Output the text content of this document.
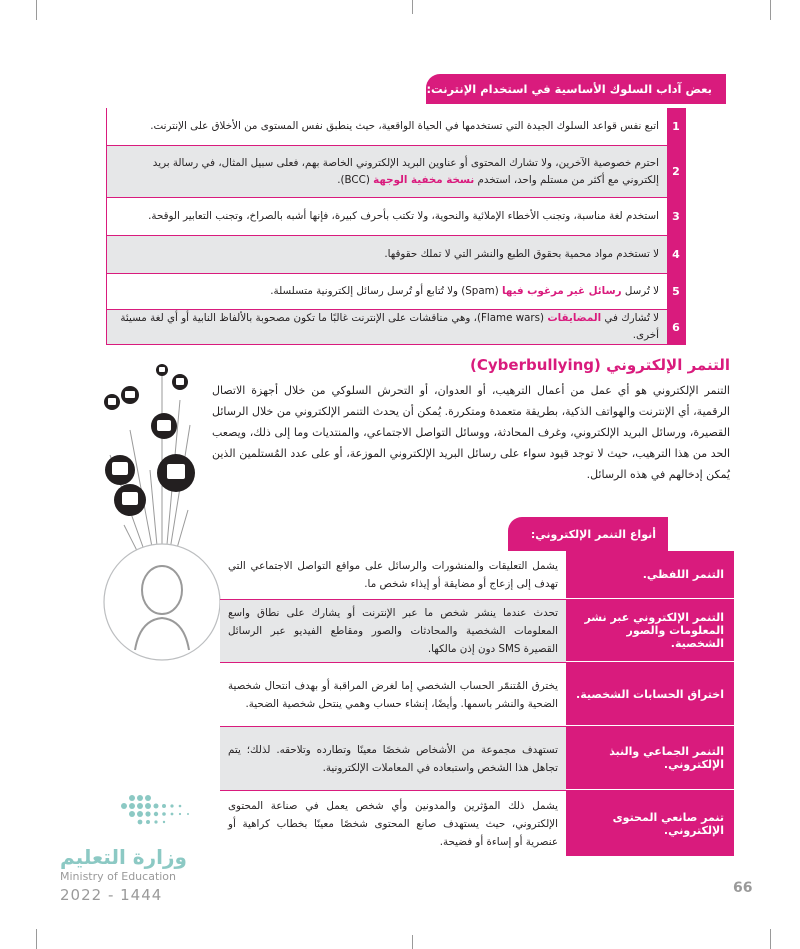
بعض آداب السلوك الأساسية في استخدام الإنترنت:
1
اتبع نفس قواعد السلوك الجيدة التي تستخدمها في الحياة الواقعية، حيث ينطبق نفس المستوى من الأخلاق على الإنترنت.
2
احترم خصوصية الآخرين، ولا تشارك المحتوى أو عناوين البريد الإلكتروني الخاصة بهم، فعلى سبيل المثال، في رسالة بريد إلكتروني مع أكثر من مستلم واحد، استخدم نسخة مخفية الوجهة (BCC).
3
استخدم لغة مناسبة، وتجنب الأخطاء الإملائية والنحوية، ولا تكتب بأحرف كبيرة، فإنها أشبه بالصراخ، وتجنب التعابير الوقحة.
4
لا تستخدم مواد محمية بحقوق الطبع والنشر التي لا تملك حقوقها.
5
لا تُرسل رسائل غير مرغوب فيها (Spam) ولا تُتابع أو تُرسل رسائل إلكترونية متسلسلة.
6
لا تُشارك في المضايقات (Flame wars)، وهي مناقشات على الإنترنت غالبًا ما تكون مصحوبة بالألفاظ النابية أو أي لغة مسيئة أخرى.
التنمر الإلكتروني (Cyberbullying)
التنمر الإلكتروني هو أي عمل من أعمال الترهيب، أو العدوان، أو التحرش السلوكي من خلال أجهزة الاتصال الرقمية، أي الإنترنت والهواتف الذكية، بطريقة متعمدة ومتكررة. يُمكن أن يحدث التنمر الإلكتروني من خلال الرسائل القصيرة، ورسائل البريد الإلكتروني، وغرف المحادثة، ووسائل التواصل الاجتماعي، والمنتديات وما إلى ذلك، ويصعب الحد من هذا الترهيب، حيث لا توجد قيود سواء على رسائل البريد الإلكتروني الموزعة، أو على عدد المُستلمين الذين يُمكن إدخالهم في هذه الرسائل.
أنواع التنمر الإلكتروني:
التنمر اللفظي.
يشمل التعليقات والمنشورات والرسائل على مواقع التواصل الاجتماعي التي تهدف إلى إزعاج أو مضايقة أو إيذاء شخص ما.
التنمر الإلكتروني عبر نشر المعلومات والصور الشخصية.
تحدث عندما ينشر شخص ما عبر الإنترنت أو يشارك على نطاق واسع المعلومات الشخصية والمحادثات والصور ومقاطع الفيديو عبر الرسائل القصيرة SMS دون إذن مالكها.
اختراق الحسابات الشخصية.
يخترق المُتنمّر الحساب الشخصي إما لغرض المراقبة أو بهدف انتحال شخصية الضحية والنشر باسمها. وأيضًا، إنشاء حساب وهمي ينتحل شخصية الضحية.
التنمر الجماعي والنبذ الإلكتروني.
تستهدف مجموعة من الأشخاص شخصًا معينًا وتطارده وتلاحقه. لذلك؛ يتم تجاهل هذا الشخص واستبعاده في المعاملات الإلكترونية.
تنمر صانعي المحتوى الإلكتروني.
يشمل ذلك المؤثرين والمدونين وأي شخص يعمل في صناعة المحتوى الإلكتروني، حيث يستهدف صانع المحتوى شخصًا معينًا بخطاب كراهية أو عنصرية أو إساءة أو فضيحة.
وزارة التعليم
Ministry of Education
2022 - 1444	66
